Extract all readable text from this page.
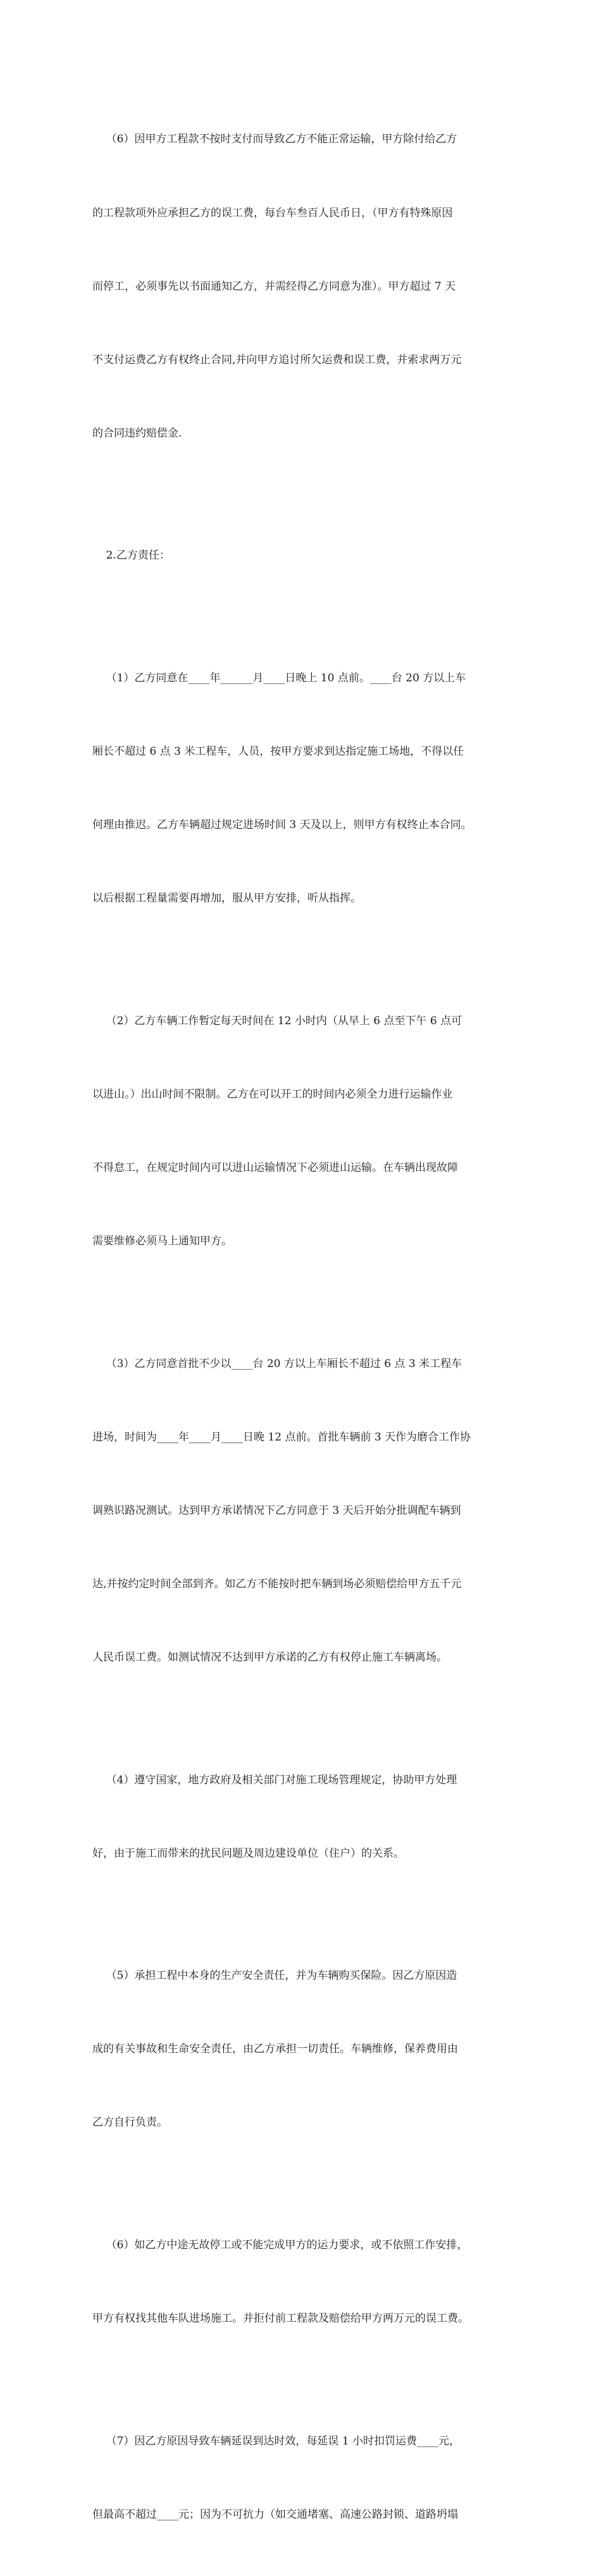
（6）因甲方工程款不按时支付而导致乙方不能正常运输，甲方除付给乙方

的工程款项外应承担乙方的误工费，每台车叁百人民币日，（甲方有特殊原因

而停工，必须事先以书面通知乙方，并需经得乙方同意为准）。甲方超过 7 天

不支付运费乙方有权终止合同,并向甲方追讨所欠运费和误工费，并索求两万元

的合同违约赔偿金.

2.乙方责任：

（1）乙方同意在____年______月____日晚上 10 点前。____台 20 方以上车

厢长不超过 6 点 3 米工程车，人员，按甲方要求到达指定施工场地，不得以任

何理由推迟。乙方车辆超过规定进场时间 3 天及以上，则甲方有权终止本合同。

以后根据工程量需要再增加，服从甲方安排，听从指挥。

（2）乙方车辆工作暂定每天时间在 12 小时内（从早上 6 点至下午 6 点可

以进山。）出山时间不限制。乙方在可以开工的时间内必须全力进行运输作业

不得怠工，在规定时间内可以进山运输情况下必须进山运输。在车辆出现故障

需要维修必须马上通知甲方。

（3）乙方同意首批不少以____台 20 方以上车厢长不超过 6 点 3 米工程车

进场，时间为____年____月____日晚 12 点前。首批车辆前 3 天作为磨合工作协

调熟识路况测试。达到甲方承诺情况下乙方同意于 3 天后开始分批调配车辆到

达,并按约定时间全部到齐。如乙方不能按时把车辆到场必须赔偿给甲方五千元

人民币误工费。如测试情况不达到甲方承诺的乙方有权停止施工车辆离场。

（4）遵守国家，地方政府及相关部门对施工现场管理规定，协助甲方处理

好，由于施工而带来的扰民问题及周边建设单位（住户）的关系。

（5）承担工程中本身的生产安全责任，并为车辆购买保险。因乙方原因造

成的有关事故和生命安全责任，由乙方承担一切责任。车辆维修，保养费用由

乙方自行负责。

（6）如乙方中途无故停工或不能完成甲方的运力要求，或不依照工作安排，

甲方有权找其他车队进场施工。并拒付前工程款及赔偿给甲方两万元的误工费。

（7）因乙方原因导致车辆延误到达时效，每延误 1 小时扣罚运费____元，

但最高不超过____元；因为不可抗力（如交通堵塞、高速公路封锁、道路坍塌
